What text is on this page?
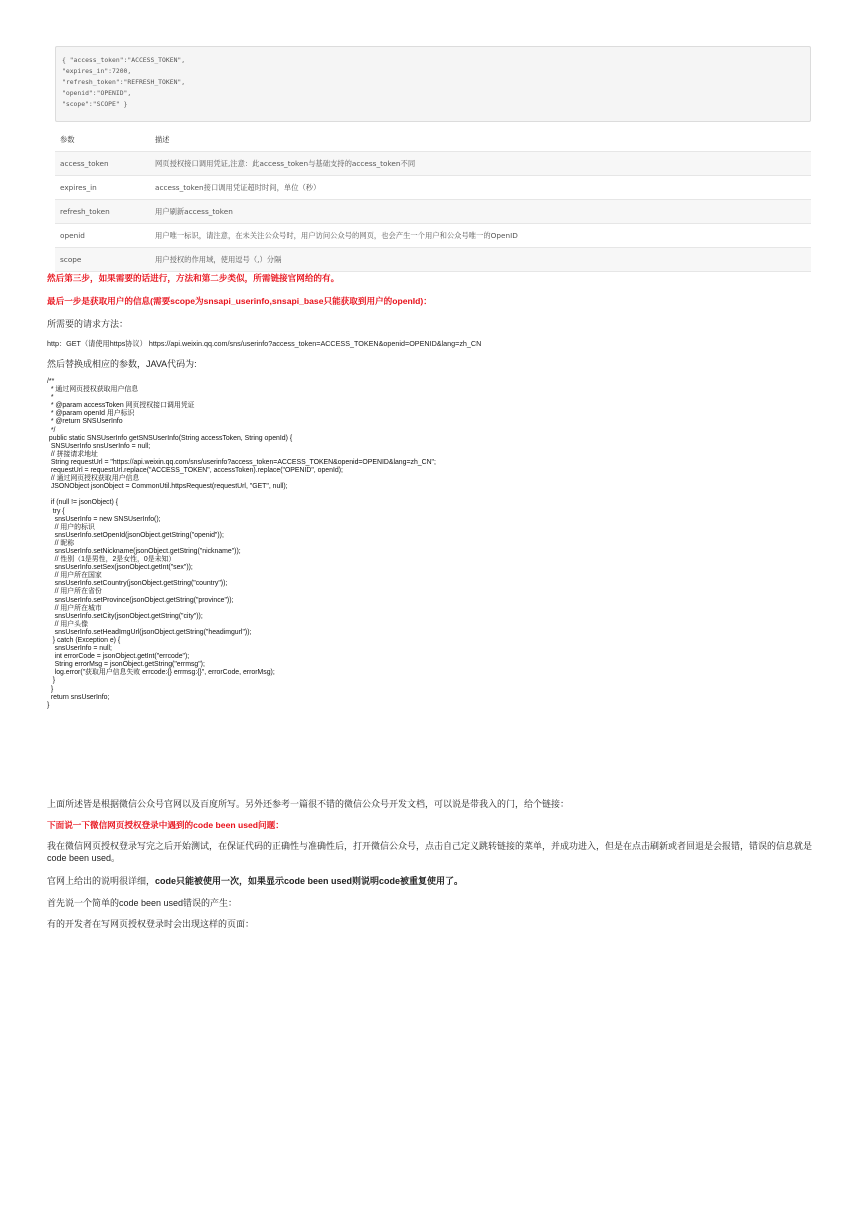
{ "access_token":"ACCESS_TOKEN",
"expires_in":7200,
"refresh_token":"REFRESH_TOKEN",
"openid":"OPENID",
"scope":"SCOPE" }
参数	描述
access_token	网页授权接口调用凭证,注意：此access_token与基础支持的access_token不同
expires_in	access_token接口调用凭证超时时间，单位（秒）
refresh_token	用户刷新access_token
openid	用户唯一标识，请注意，在未关注公众号时，用户访问公众号的网页，也会产生一个用户和公众号唯一的OpenID
scope	用户授权的作用域，使用逗号（,）分隔
然后第三步，如果需要的话进行，方法和第二步类似，所需链接官网给的有。
最后一步是获取用户的信息(需要scope为snsapi_userinfo,snsapi_base只能获取到用户的openId)：
所需要的请求方法：
http：GET（请使用https协议） https://api.weixin.qq.com/sns/userinfo?access_token=ACCESS_TOKEN&openid=OPENID&lang=zh_CN
然后替换成相应的参数，JAVA代码为:
/**
* 通过网页授权获取用户信息
*
* @param accessToken 网页授权接口调用凭证
* @param openId 用户标识
* @return SNSUserInfo
*/
public static SNSUserInfo getSNSUserInfo(String accessToken, String openId) {
SNSUserInfo snsUserInfo = null;
// 拼接请求地址
String requestUrl = "https://api.weixin.qq.com/sns/userinfo?access_token=ACCESS_TOKEN&openid=OPENID&lang=zh_CN";
requestUrl = requestUrl.replace("ACCESS_TOKEN", accessToken).replace("OPENID", openId);
// 通过网页授权获取用户信息
JSONObject jsonObject = CommonUtil.httpsRequest(requestUrl, "GET", null);
if (null != jsonObject) {
try {
snsUserInfo = new SNSUserInfo();
// 用户的标识
snsUserInfo.setOpenId(jsonObject.getString("openid"));
// 昵称
snsUserInfo.setNickname(jsonObject.getString("nickname"));
// 性别（1是男性，2是女性，0是未知）
snsUserInfo.setSex(jsonObject.getInt("sex"));
// 用户所在国家
snsUserInfo.setCountry(jsonObject.getString("country"));
// 用户所在省份
snsUserInfo.setProvince(jsonObject.getString("province"));
// 用户所在城市
snsUserInfo.setCity(jsonObject.getString("city"));
// 用户头像
snsUserInfo.setHeadImgUrl(jsonObject.getString("headimgurl"));
} catch (Exception e) {
snsUserInfo = null;
int errorCode = jsonObject.getInt("errcode");
String errorMsg = jsonObject.getString("errmsg");
log.error("获取用户信息失败 errcode:{} errmsg:{}", errorCode, errorMsg);
}
}
return snsUserInfo;
}
上面所述皆是根据微信公众号官网以及百度所写。另外还参考一篇很不错的微信公众号开发文档，可以说是带我入的门，给个链接：
下面说一下微信网页授权登录中遇到的code been used问题：
我在微信网页授权登录写完之后开始测试，在保证代码的正确性与准确性后，打开微信公众号，点击自己定义跳转链接的菜单，并成功进入，但是在点击刷新或者回退是会报错，错误的信息就是code been used。
官网上给出的说明很详细，code只能被使用一次，如果显示code been used则说明code被重复使用了。
首先说一个简单的code been used错误的产生：
有的开发者在写网页授权登录时会出现这样的页面：
